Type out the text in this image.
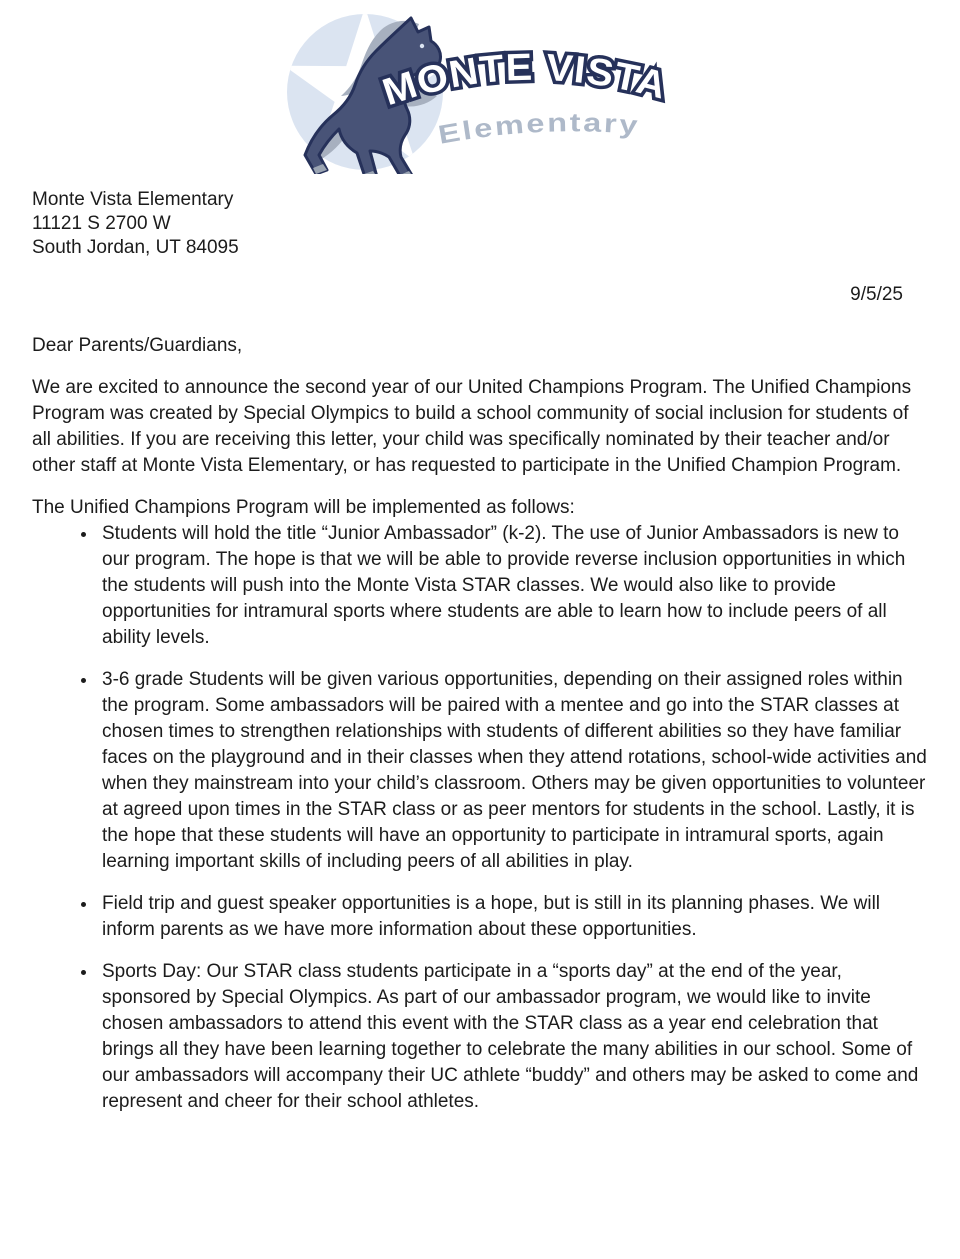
MONTE VISTA
Elementary
Monte Vista Elementary
11121 S 2700 W
South Jordan, UT 84095
9/5/25

Dear Parents/Guardians,

We are excited to announce the second year of our United Champions Program. The Unified Champions Program was created by Special Olympics to build a school community of social inclusion for students of all abilities. If you are receiving this letter, your child was specifically nominated by their teacher and/or other staff at Monte Vista Elementary, or has requested to participate in the Unified Champion Program.

The Unified Champions Program will be implemented as follows:

• Students will hold the title “Junior Ambassador” (k-2). The use of Junior Ambassadors is new to our program. The hope is that we will be able to provide reverse inclusion opportunities in which the students will push into the Monte Vista STAR classes. We would also like to provide opportunities for intramural sports where students are able to learn how to include peers of all ability levels.
• 3-6 grade Students will be given various opportunities, depending on their assigned roles within the program. Some ambassadors will be paired with a mentee and go into the STAR classes at chosen times to strengthen relationships with students of different abilities so they have familiar faces on the playground and in their classes when they attend rotations, school-wide activities and when they mainstream into your child’s classroom. Others may be given opportunities to volunteer at agreed upon times in the STAR class or as peer mentors for students in the school. Lastly, it is the hope that these students will have an opportunity to participate in intramural sports, again learning important skills of including peers of all abilities in play.
• Field trip and guest speaker opportunities is a hope, but is still in its planning phases. We will inform parents as we have more information about these opportunities.
• Sports Day: Our STAR class students participate in a “sports day” at the end of the year, sponsored by Special Olympics. As part of our ambassador program, we would like to invite chosen ambassadors to attend this event with the STAR class as a year end celebration that brings all they have been learning together to celebrate the many abilities in our school. Some of our ambassadors will accompany their UC athlete “buddy” and others may be asked to come and represent and cheer for their school athletes.
